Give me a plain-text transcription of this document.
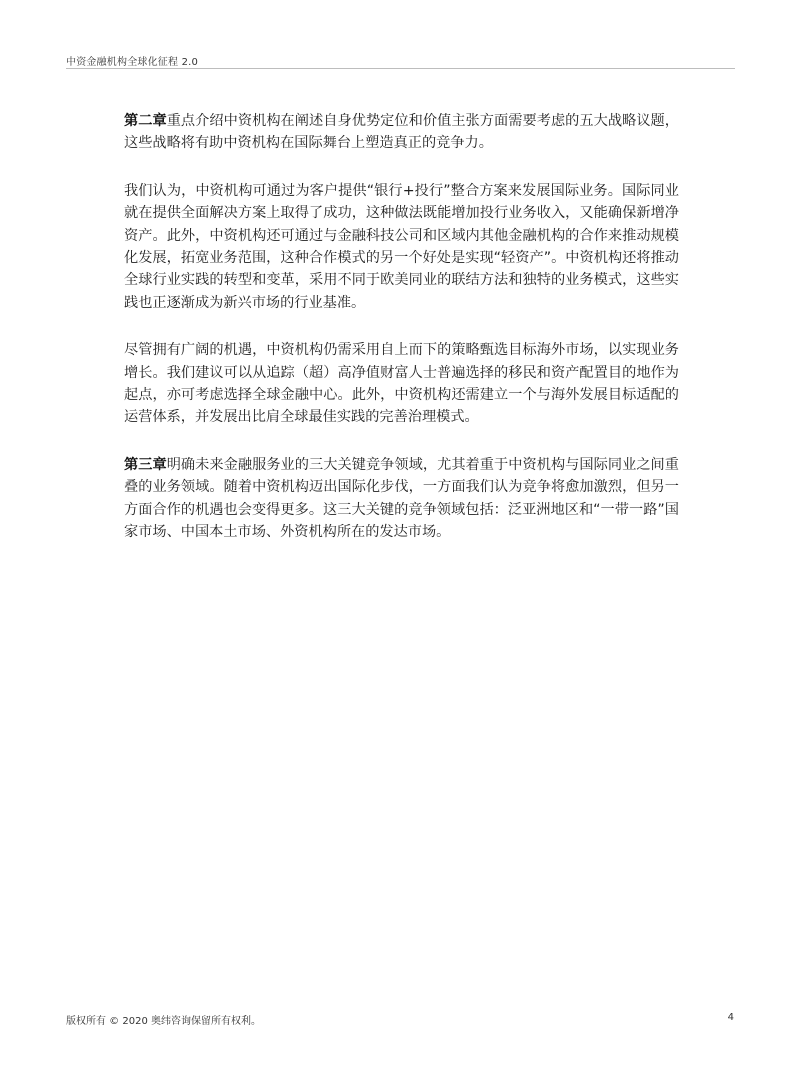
中资金融机构全球化征程 2.0

第二章重点介绍中资机构在阐述自身优势定位和价值主张方面需要考虑的五大战略议题，这些战略将有助中资机构在国际舞台上塑造真正的竞争力。

我们认为，中资机构可通过为客户提供“银行+投行”整合方案来发展国际业务。国际同业就在提供全面解决方案上取得了成功，这种做法既能增加投行业务收入，又能确保新增净资产。此外，中资机构还可通过与金融科技公司和区域内其他金融机构的合作来推动规模化发展，拓宽业务范围，这种合作模式的另一个好处是实现“轻资产”。中资机构还将推动全球行业实践的转型和变革，采用不同于欧美同业的联结方法和独特的业务模式，这些实践也正逐渐成为新兴市场的行业基准。

尽管拥有广阔的机遇，中资机构仍需采用自上而下的策略甄选目标海外市场，以实现业务增长。我们建议可以从追踪（超）高净值财富人士普遍选择的移民和资产配置目的地作为起点，亦可考虑选择全球金融中心。此外，中资机构还需建立一个与海外发展目标适配的运营体系，并发展出比肩全球最佳实践的完善治理模式。

第三章明确未来金融服务业的三大关键竞争领域，尤其着重于中资机构与国际同业之间重叠的业务领域。随着中资机构迈出国际化步伐，一方面我们认为竞争将愈加激烈，但另一方面合作的机遇也会变得更多。这三大关键的竞争领域包括：泛亚洲地区和“一带一路”国家市场、中国本土市场、外资机构所在的发达市场。

版权所有 © 2020 奥纬咨询保留所有权利。	4
